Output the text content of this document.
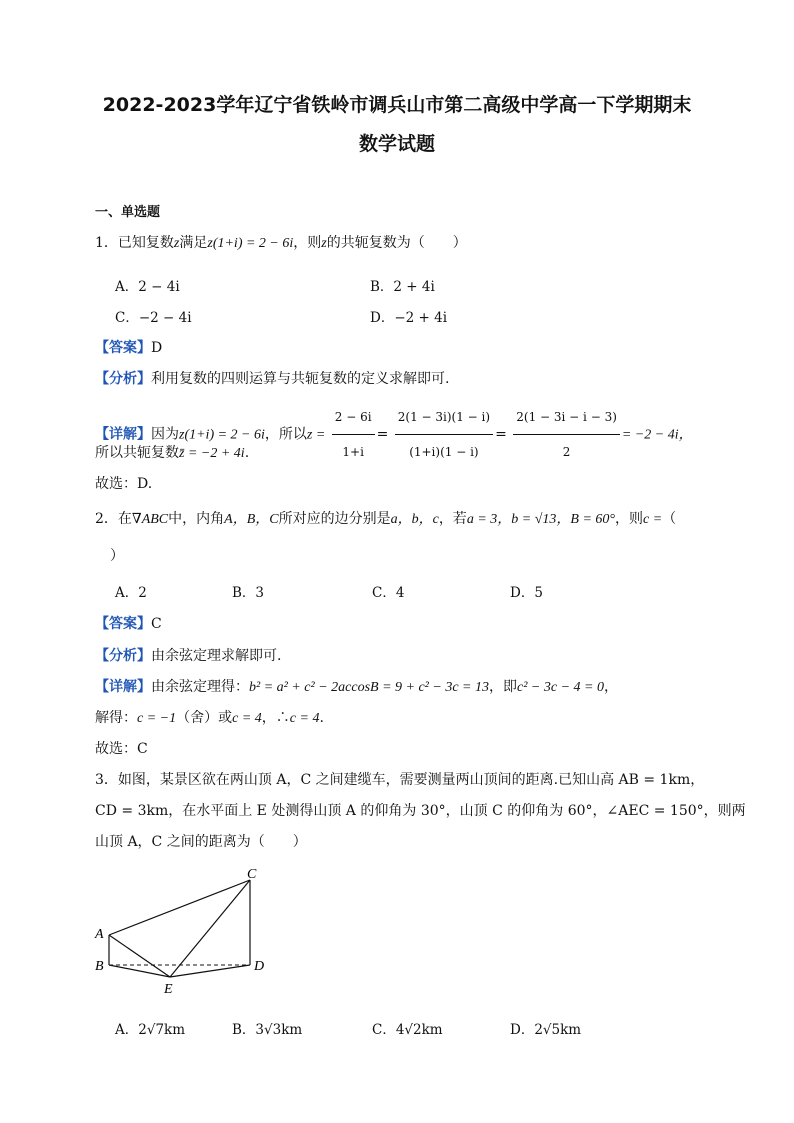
2022-2023学年辽宁省铁岭市调兵山市第二高级中学高一下学期期末
数学试题
一、单选题
1．已知复数z满足z(1+i) = 2 − 6i，则z的共轭复数为（　　）
A．2 − 4i	B．2 + 4i
C．−2 − 4i	D．−2 + 4i
【答案】D
【分析】利用复数的四则运算与共轭复数的定义求解即可.
【详解】因为z(1+i) = 2 − 6i，所以$z = \frac{2 - 6i}{1+i} = \frac{2(1 - 3i)(1 - i)}{(1+i)(1 - i)} = \frac{2(1 - 3i - i - 3)}{2} = -2 - 4i$，
所以共轭复数z̄ = −2 + 4i.
故选：D.
2．在∇ABC中，内角A，B，C所对应的边分别是a，b，c，若a = 3，b = √13，B = 60°，则c =（
）
A．2	B．3	C．4	D．5
【答案】C
【分析】由余弦定理求解即可.
【详解】由余弦定理得：b² = a² + c² − 2accosB = 9 + c² − 3c = 13，即c² − 3c − 4 = 0，
解得：c = −1（舍）或c = 4，∴c = 4.
故选：C
3．如图，某景区欲在两山顶 A，C 之间建缆车，需要测量两山顶间的距离.已知山高 AB = 1km，
CD = 3km，在水平面上 E 处测得山顶 A 的仰角为 30°，山顶 C 的仰角为 60°，∠AEC = 150°，则两
山顶 A，C 之间的距离为（　　）
A
B
C
D
E
A．2√7km	B．3√3km	C．4√2km	D．2√5km
